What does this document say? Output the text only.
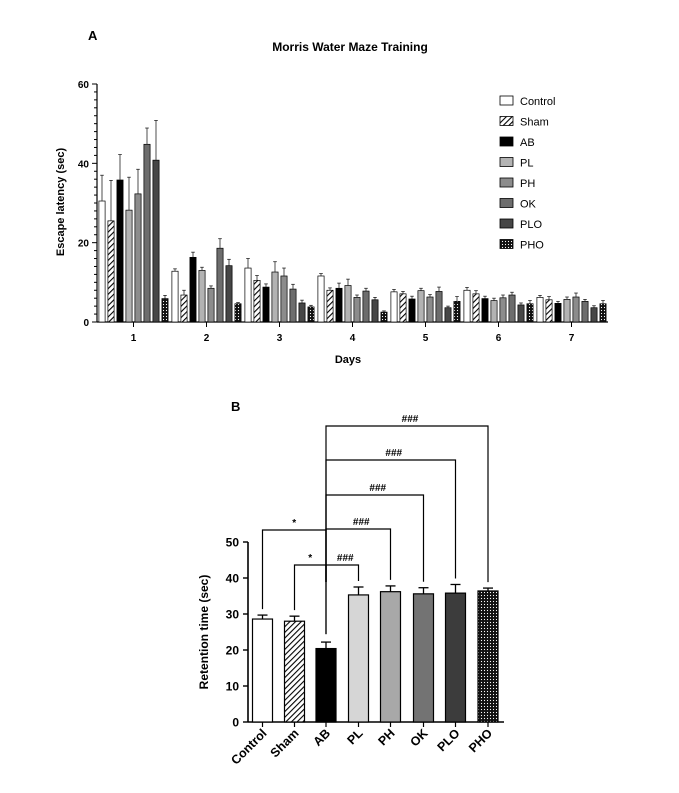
A
Morris Water Maze Training
Escape latency (sec)
Days
0
20
40
60
1	2	3	4	5	6	7
Control
Sham
AB
PL
PH
OK
PLO
PHO
B
Retention time (sec)
0
10
20
30
40
50
Control
Sham AB PL PH OK PLO PHO
*
* ###
###
###
###
###
